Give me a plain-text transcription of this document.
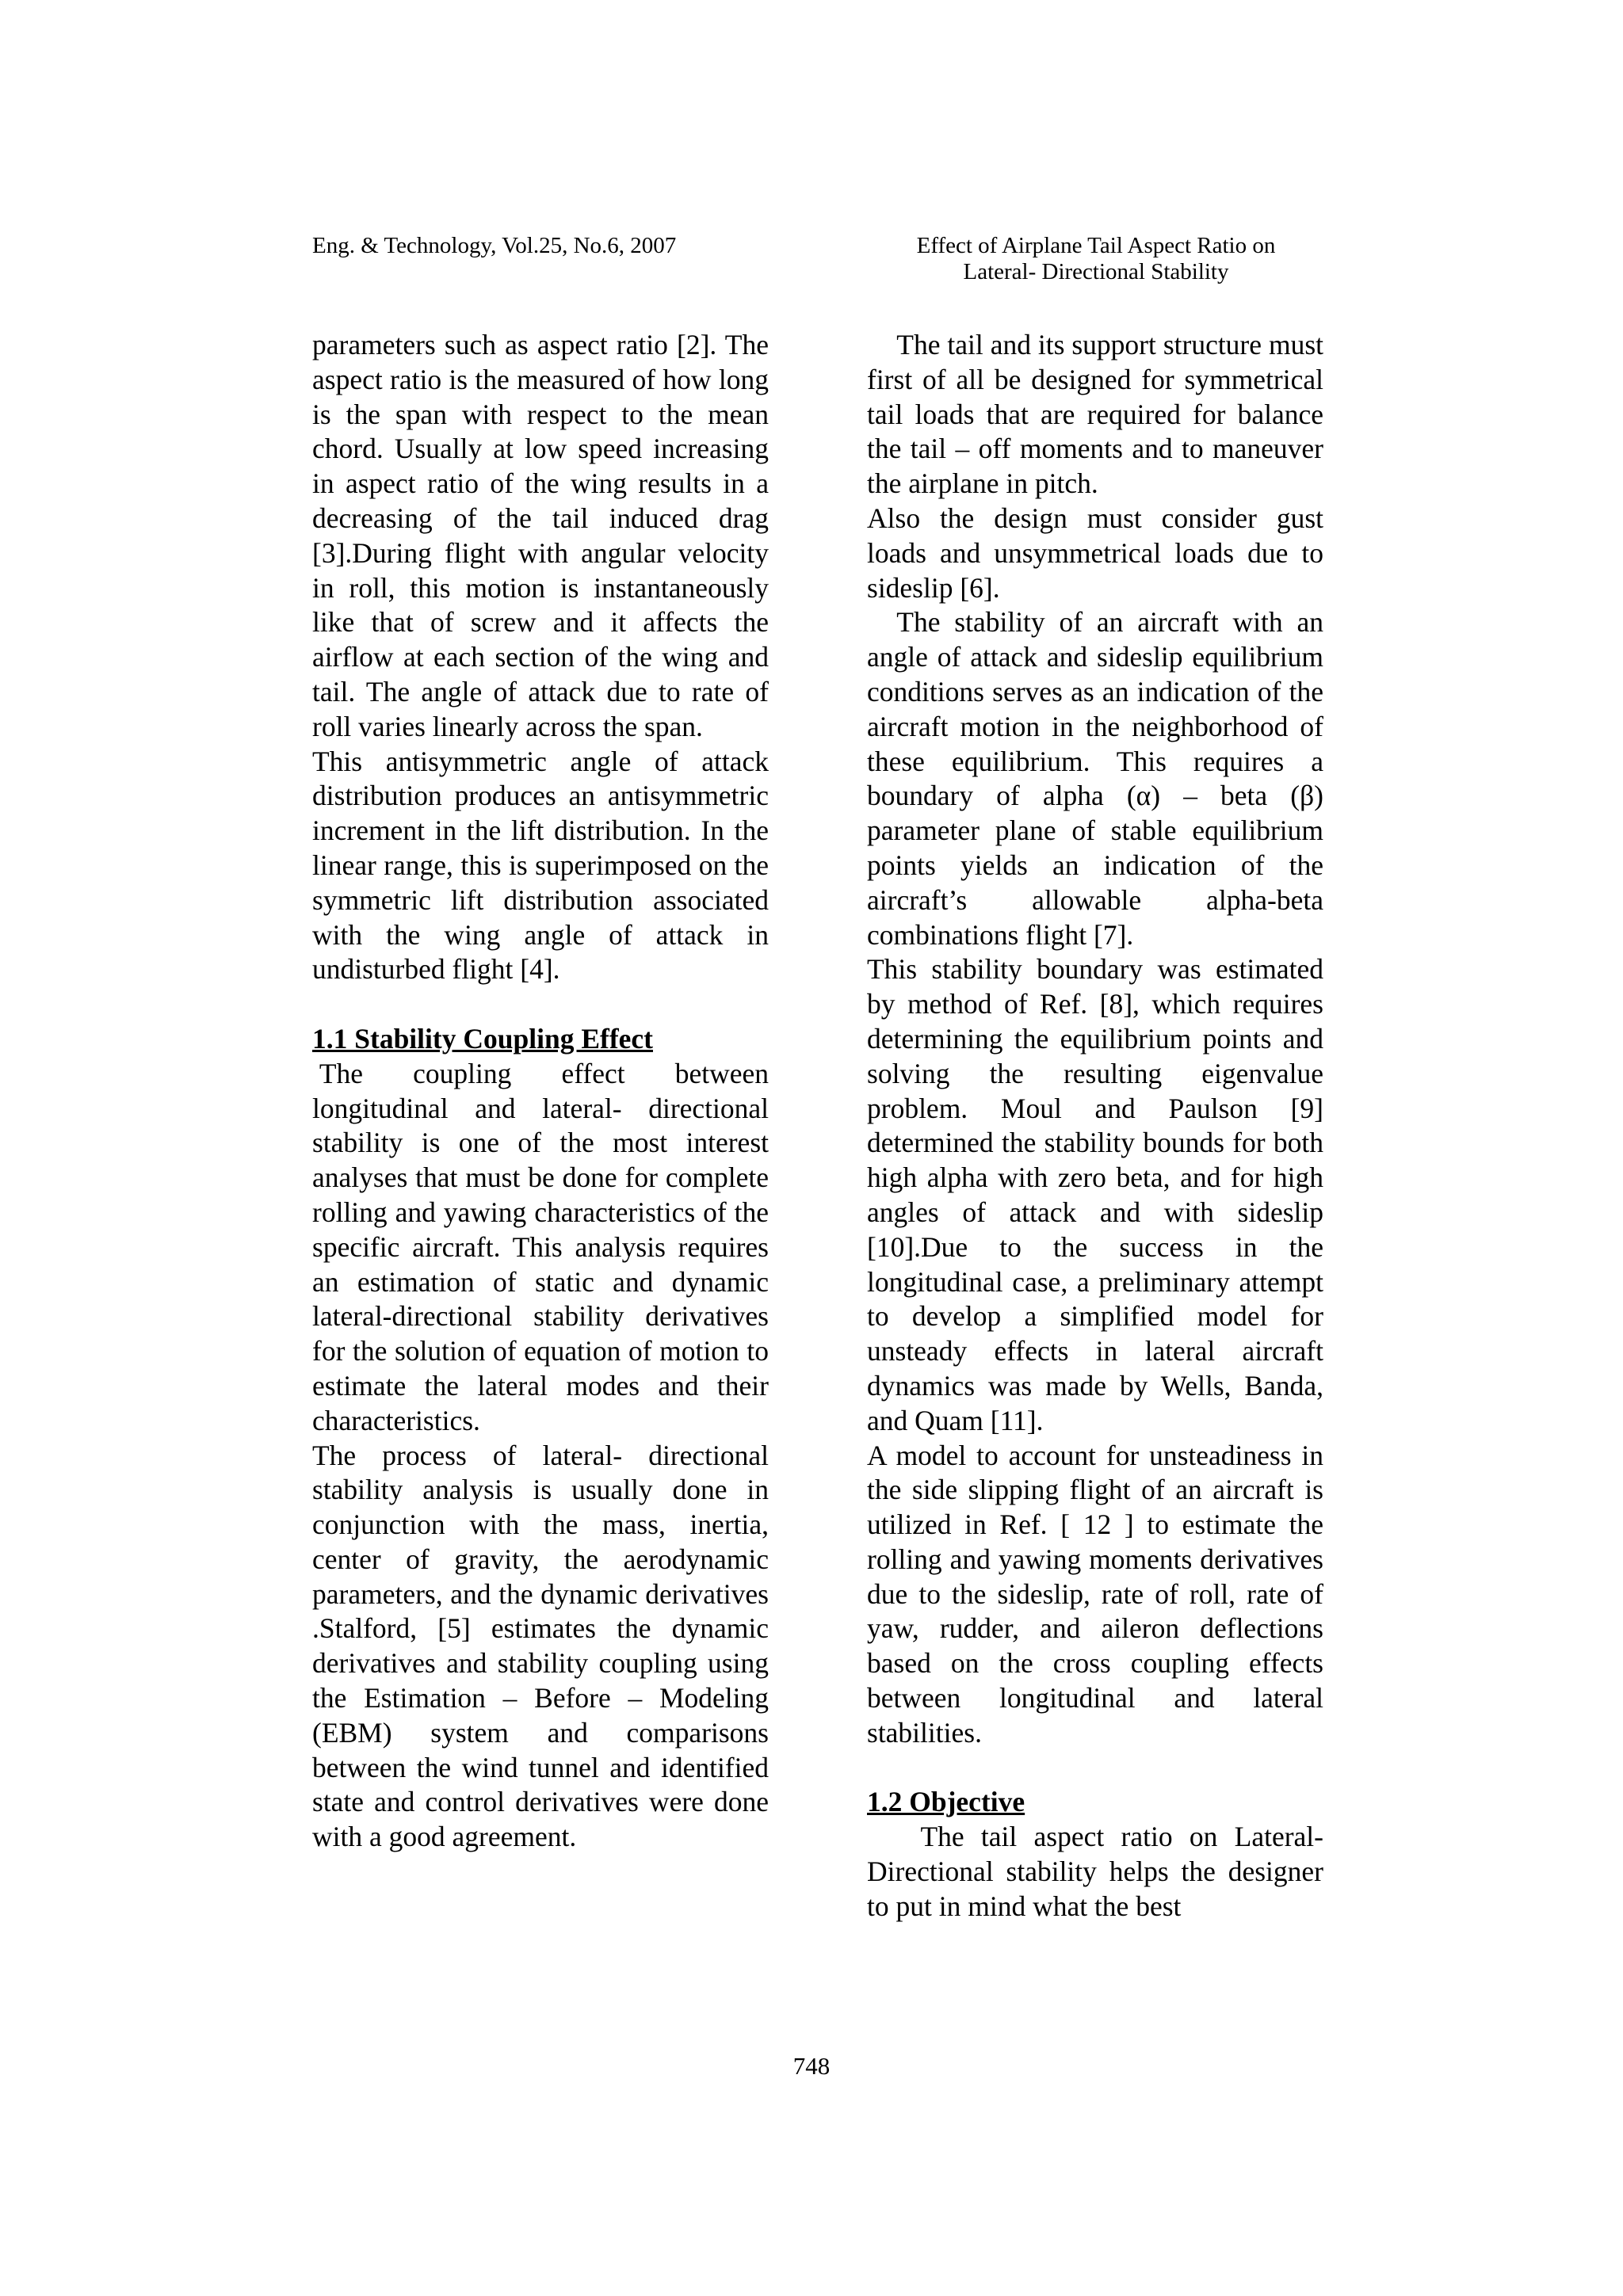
Eng. & Technology, Vol.25, No.6, 2007	Effect of Airplane Tail Aspect Ratio on
Lateral- Directional Stability

parameters such as aspect ratio [2]. The aspect ratio is the measured of how long is the span with respect to the mean chord. Usually at low speed increasing in aspect ratio of the wing results in a decreasing of the tail induced drag [3].During flight with angular velocity in roll, this motion is instantaneously like that of screw and it affects the airflow at each section of the wing and tail. The angle of attack due to rate of roll varies linearly across the span.

This antisymmetric angle of attack distribution produces an antisymmetric increment in the lift distribution. In the linear range, this is superimposed on the symmetric lift distribution associated with the wing angle of attack in undisturbed flight [4].

1.1 Stability Coupling Effect

The coupling effect between longitudinal and lateral- directional stability is one of the most interest analyses that must be done for complete rolling and yawing characteristics of the specific aircraft. This analysis requires an estimation of static and dynamic lateral-directional stability derivatives for the solution of equation of motion to estimate the lateral modes and their characteristics.

The process of lateral- directional stability analysis is usually done in conjunction with the mass, inertia, center of gravity, the aerodynamic parameters, and the dynamic derivatives .Stalford, [5] estimates the dynamic derivatives and stability coupling using the Estimation – Before – Modeling (EBM) system and comparisons between the wind tunnel and identified state and control derivatives were done with a good agreement.

The tail and its support structure must first of all be designed for symmetrical tail loads that are required for balance the tail – off moments and to maneuver the airplane in pitch.

Also the design must consider gust loads and unsymmetrical loads due to sideslip [6].

The stability of an aircraft with an angle of attack and sideslip equilibrium conditions serves as an indication of the aircraft motion in the neighborhood of these equilibrium. This requires a boundary of alpha (α) – beta (β) parameter plane of stable equilibrium points yields an indication of the aircraft’s allowable alpha-beta combinations flight [7].

This stability boundary was estimated by method of Ref. [8], which requires determining the equilibrium points and solving the resulting eigenvalue problem. Moul and Paulson [9] determined the stability bounds for both high alpha with zero beta, and for high angles of attack and with sideslip [10].Due to the success in the longitudinal case, a preliminary attempt to develop a simplified model for unsteady effects in lateral aircraft dynamics was made by Wells, Banda, and Quam [11].

A model to account for unsteadiness in the side slipping flight of an aircraft is utilized in Ref. [ 12 ] to estimate the rolling and yawing moments derivatives due to the sideslip, rate of roll, rate of yaw, rudder, and aileron deflections based on the cross coupling effects between longitudinal and lateral stabilities.

1.2 Objective

The tail aspect ratio on Lateral-Directional stability helps the designer to put in mind what the best

748
